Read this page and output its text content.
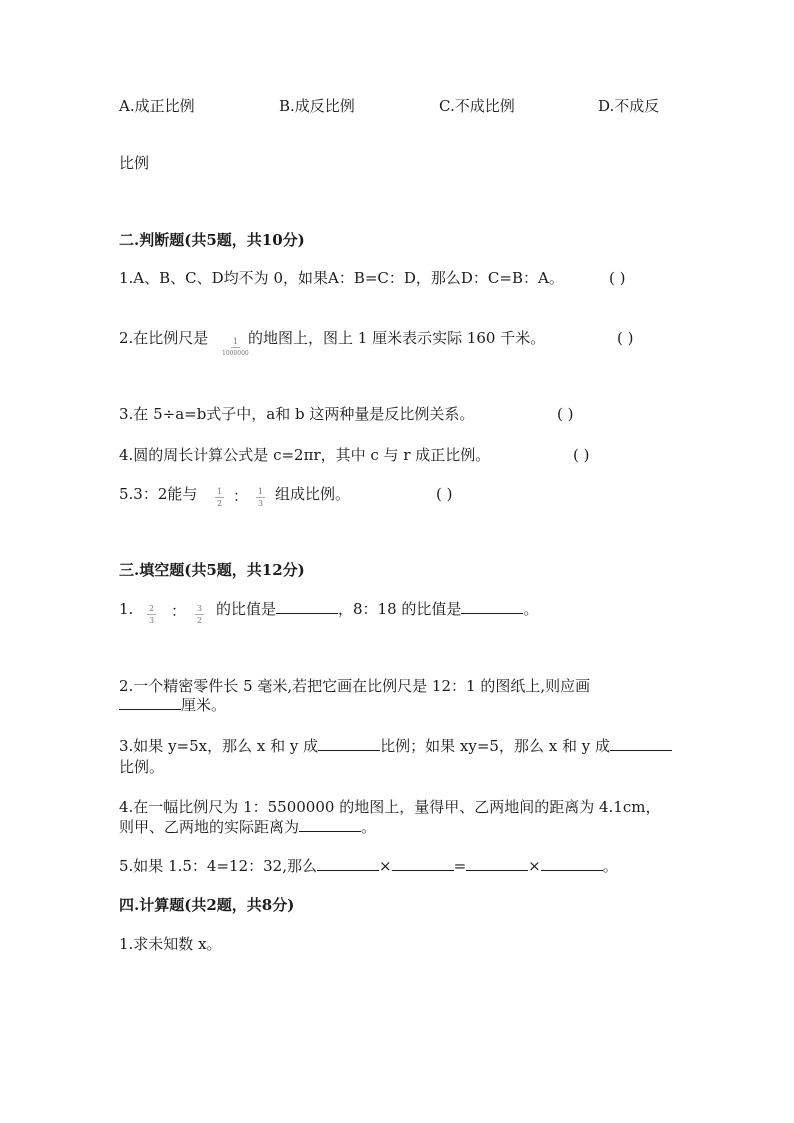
A.成正比例	B.成反比例	C.不成比例	D.不成反
比例
二.判断题(共5题，共10分)
1.A、B、C、D均不为 0，如果A：B=C：D，那么D：C=B：A。	( )
2.在比例尺是	1
1000000
的地图上，图上 1 厘米表示实际 160 千米。	( )
3.在 5÷a=b式子中，a和 b 这两种量是反比例关系。	( )
4.圆的周长计算公式是 c=2πr，其中 c 与 r 成正比例。	( )
5.3：2能与 1
2 ： 1
3
组成比例。	( )
三.填空题(共5题，共12分)
1. 2
3
： 3
2
的比值是	，8：18 的比值是	。
2.一个精密零件长 5 毫米,若把它画在比例尺是 12：1 的图纸上,则应画
厘米。
3.如果 y=5x，那么 x 和 y 成	比例；如果 xy=5，那么 x 和 y 成
比例。
4.在一幅比例尺为 1：5500000 的地图上，量得甲、乙两地间的距离为 4.1cm，
则甲、乙两地的实际距离为	。
5.如果 1.5：4=12：32,那么	×	=	×	。
四.计算题(共2题，共8分)
1.求未知数 x。
